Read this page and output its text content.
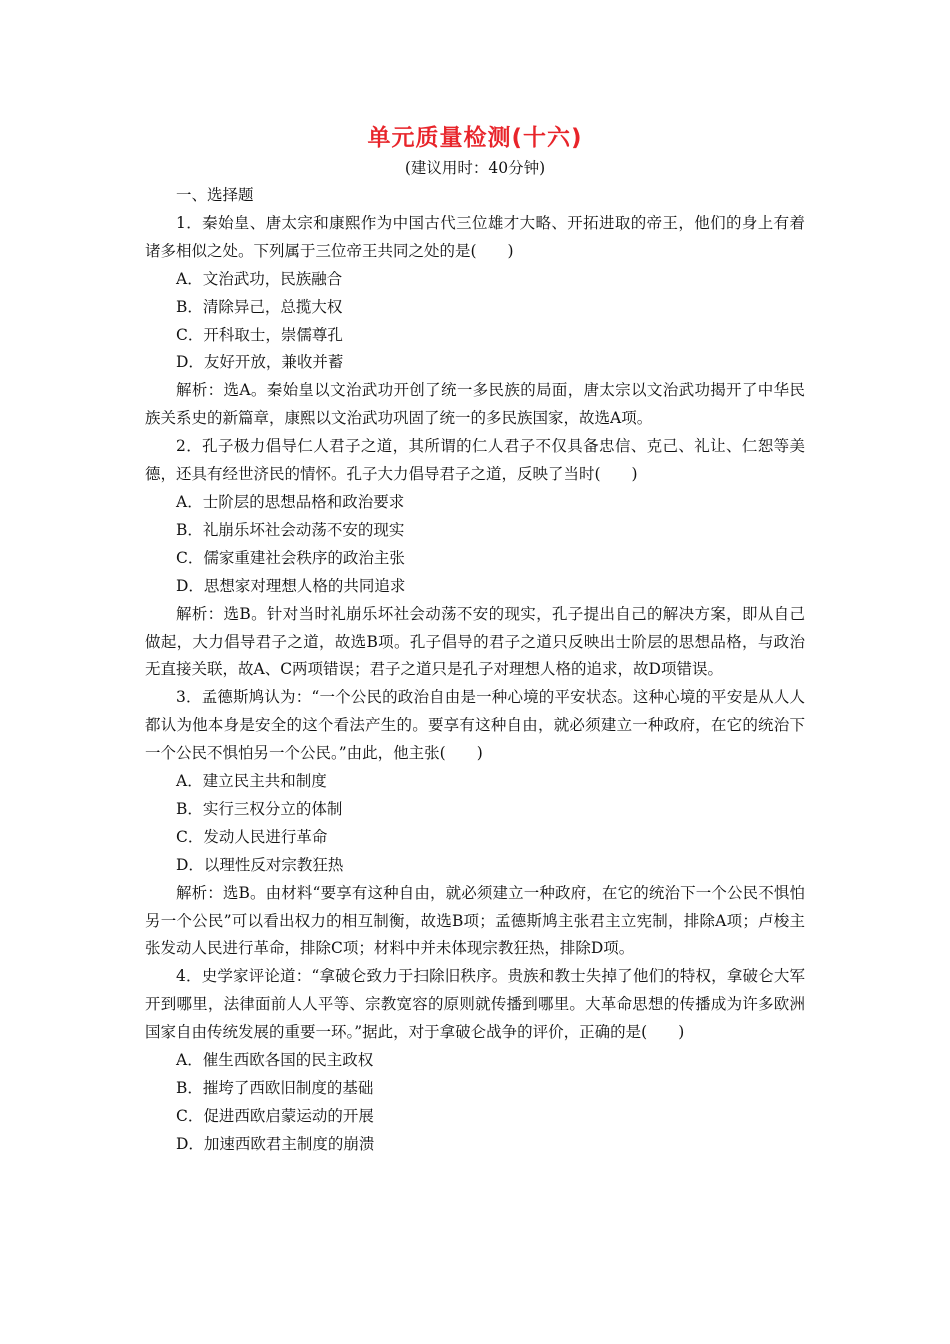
单元质量检测(十六)
(建议用时：40分钟)

一、选择题

1．秦始皇、唐太宗和康熙作为中国古代三位雄才大略、开拓进取的帝王，他们的身上有着诸多相似之处。下列属于三位帝王共同之处的是(　　)

A．文治武功，民族融合

B．清除异己，总揽大权

C．开科取士，崇儒尊孔

D．友好开放，兼收并蓄

解析：选A。秦始皇以文治武功开创了统一多民族的局面，唐太宗以文治武功揭开了中华民族关系史的新篇章，康熙以文治武功巩固了统一的多民族国家，故选A项。

2．孔子极力倡导仁人君子之道，其所谓的仁人君子不仅具备忠信、克己、礼让、仁恕等美德，还具有经世济民的情怀。孔子大力倡导君子之道，反映了当时(　　)

A．士阶层的思想品格和政治要求

B．礼崩乐坏社会动荡不安的现实

C．儒家重建社会秩序的政治主张

D．思想家对理想人格的共同追求

解析：选B。针对当时礼崩乐坏社会动荡不安的现实，孔子提出自己的解决方案，即从自己做起，大力倡导君子之道，故选B项。孔子倡导的君子之道只反映出士阶层的思想品格，与政治无直接关联，故A、C两项错误；君子之道只是孔子对理想人格的追求，故D项错误。

3．孟德斯鸠认为：“一个公民的政治自由是一种心境的平安状态。这种心境的平安是从人人都认为他本身是安全的这个看法产生的。要享有这种自由，就必须建立一种政府，在它的统治下一个公民不惧怕另一个公民。”由此，他主张(　　)

A．建立民主共和制度

B．实行三权分立的体制

C．发动人民进行革命

D．以理性反对宗教狂热

解析：选B。由材料“要享有这种自由，就必须建立一种政府，在它的统治下一个公民不惧怕另一个公民”可以看出权力的相互制衡，故选B项；孟德斯鸠主张君主立宪制，排除A项；卢梭主张发动人民进行革命，排除C项；材料中并未体现宗教狂热，排除D项。

4．史学家评论道：“拿破仑致力于扫除旧秩序。贵族和教士失掉了他们的特权，拿破仑大军开到哪里，法律面前人人平等、宗教宽容的原则就传播到哪里。大革命思想的传播成为许多欧洲国家自由传统发展的重要一环。”据此，对于拿破仑战争的评价，正确的是(　　)

A．催生西欧各国的民主政权

B．摧垮了西欧旧制度的基础

C．促进西欧启蒙运动的开展

D．加速西欧君主制度的崩溃
